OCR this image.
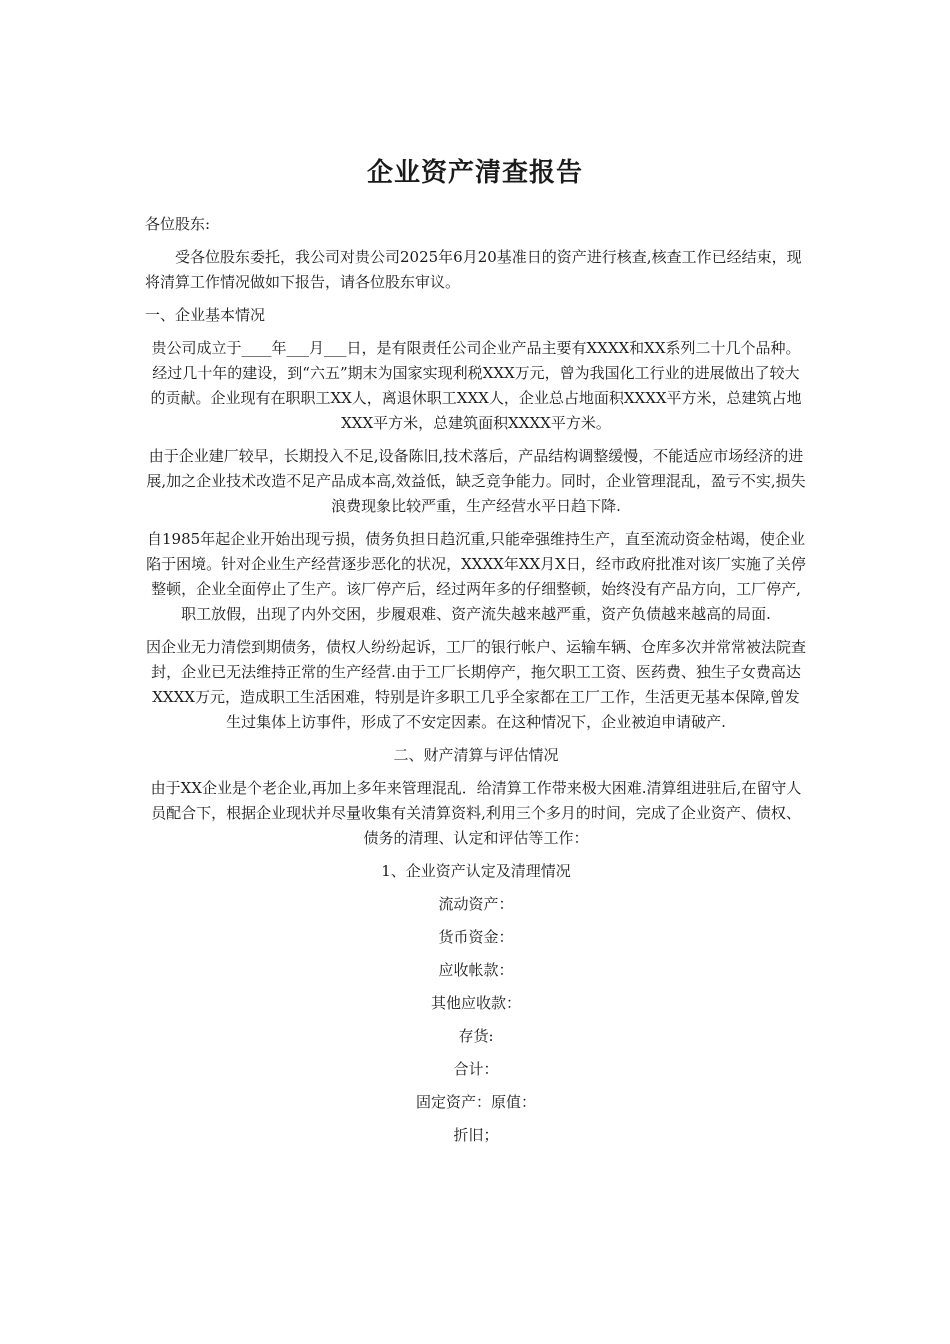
企业资产清查报告

各位股东:

受各位股东委托，我公司对贵公司2025年6月20基准日的资产进行核查,核查工作已经结束，现将清算工作情况做如下报告，请各位股东审议。

一、企业基本情况

贵公司成立于____年___月___日，是有限责任公司企业产品主要有XXXX和XX系列二十几个品种。经过几十年的建设，到“六五”期末为国家实现利税XXX万元，曾为我国化工行业的进展做出了较大的贡献。企业现有在职职工XX人，离退休职工XXX人，企业总占地面积XXXX平方米，总建筑占地XXX平方米，总建筑面积XXXX平方米。

由于企业建厂较早，长期投入不足,设备陈旧,技术落后，产品结构调整缓慢，不能适应市场经济的进展,加之企业技术改造不足产品成本高,效益低，缺乏竞争能力。同时，企业管理混乱，盈亏不实,损失浪费现象比较严重，生产经营水平日趋下降.

自1985年起企业开始出现亏损，债务负担日趋沉重,只能牵强维持生产，直至流动资金枯竭，使企业陷于困境。针对企业生产经营逐步恶化的状况，XXXX年XX月X日，经市政府批准对该厂实施了关停整顿，企业全面停止了生产。该厂停产后，经过两年多的仔细整顿，始终没有产品方向，工厂停产,职工放假，出现了内外交困，步履艰难、资产流失越来越严重，资产负债越来越高的局面.

因企业无力清偿到期债务，债权人纷纷起诉，工厂的银行帐户、运输车辆、仓库多次并常常被法院查封，企业已无法维持正常的生产经营.由于工厂长期停产，拖欠职工工资、医药费、独生子女费高达XXXX万元，造成职工生活困难，特别是许多职工几乎全家都在工厂工作，生活更无基本保障,曾发生过集体上访事件，形成了不安定因素。在这种情况下，企业被迫申请破产.

二、财产清算与评估情况

由于XX企业是个老企业,再加上多年来管理混乱．给清算工作带来极大困难.清算组进驻后,在留守人员配合下，根据企业现状并尽量收集有关清算资料,利用三个多月的时间，完成了企业资产、债权、债务的清理、认定和评估等工作：

1、企业资产认定及清理情况

流动资产：

货币资金：

应收帐款：

其他应收款：

存货:

合计：

固定资产：原值：

折旧；
